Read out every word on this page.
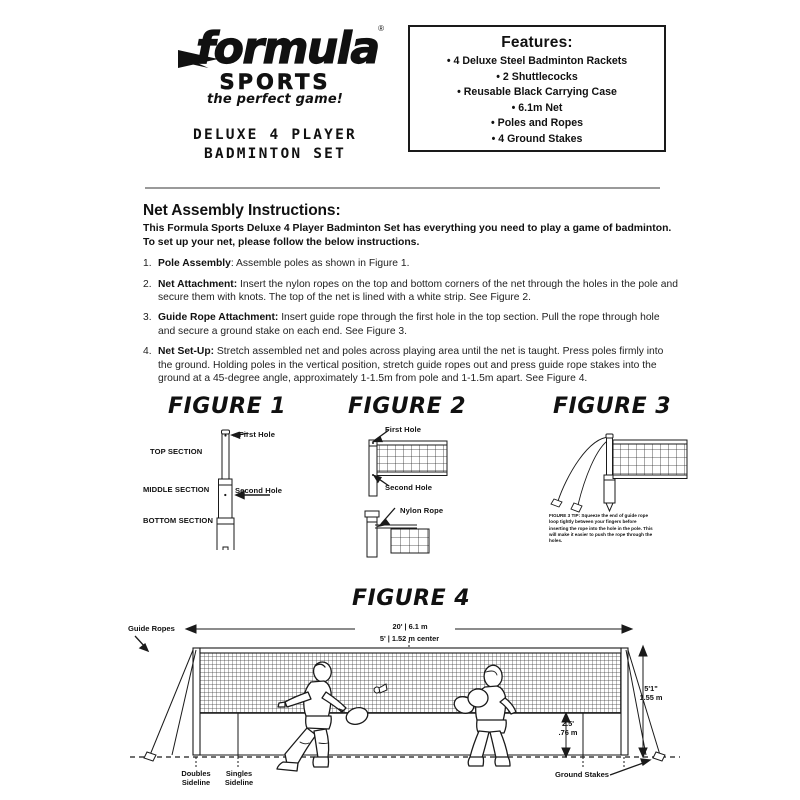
formula ®
SPORTS
the perfect game!
DELUXE 4 PLAYER
BADMINTON SET
Features:
• 4 Deluxe Steel Badminton Rackets
• 2 Shuttlecocks
• Reusable Black Carrying Case
• 6.1m Net
• Poles and Ropes
• 4 Ground Stakes
Net Assembly Instructions:
This Formula Sports Deluxe 4 Player Badminton Set has everything you need to play a game of badminton. To set up your net, please follow the below instructions.
1. Pole Assembly: Assemble poles as shown in Figure 1.
2. Net Attachment: Insert the nylon ropes on the top and bottom corners of the net through the holes in the pole and secure them with knots. The top of the net is lined with a white strip. See Figure 2.
3. Guide Rope Attachment: Insert guide rope through the first hole in the top section. Pull the rope through hole and secure a ground stake on each end. See Figure 3.
4. Net Set-Up: Stretch assembled net and poles across playing area until the net is taught. Press poles firmly into the ground. Holding poles in the vertical position, stretch guide ropes out and press guide rope stakes into the ground at a 45-degree angle, approximately 1-1.5m from pole and 1-1.5m apart. See Figure 4.
FIGURE 1
TOP SECTION
MIDDLE SECTION
BOTTOM SECTION
First Hole
Second Hole
FIGURE 2
First Hole
Second Hole
Nylon Rope
FIGURE 3
FIGURE 3 TIP: Squeeze the end of guide rope loop tightly between your fingers before inserting the rope into the hole in the pole. This will make it easier to push the rope through the holes.
FIGURE 4
20' | 6.1 m
5' | 1.52 m center
Guide Ropes
Ground Stakes
2.5'
.76 m
5'1"
1.55 m
Doubles
Sideline
Singles
Sideline
